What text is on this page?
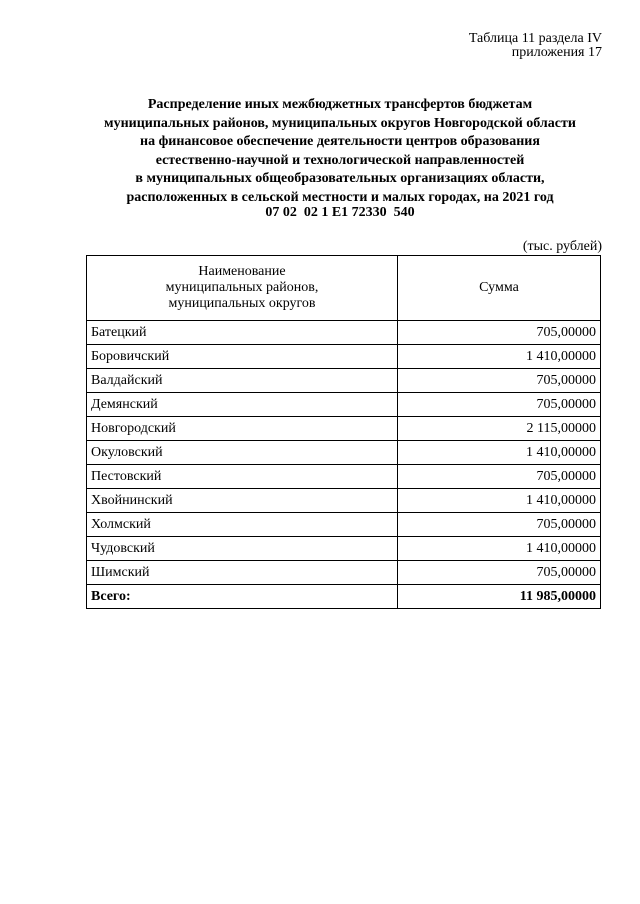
Таблица 11 раздела IV
приложения 17
Распределение иных межбюджетных трансфертов бюджетам
муниципальных районов, муниципальных округов Новгородской области
на финансовое обеспечение деятельности центров образования
естественно-научной и технологической направленностей
в муниципальных общеобразовательных организациях области,
расположенных в сельской местности и малых городах, на 2021 год
07 02  02 1 E1 72330  540
(тыс. рублей)
Наименование
муниципальных районов,
муниципальных округов	Сумма
Батецкий	705,00000
Боровичский	1 410,00000
Валдайский	705,00000
Демянский	705,00000
Новгородский	2 115,00000
Окуловский	1 410,00000
Пестовский	705,00000
Хвойнинский	1 410,00000
Холмский	705,00000
Чудовский	1 410,00000
Шимский	705,00000
Всего:	11 985,00000
